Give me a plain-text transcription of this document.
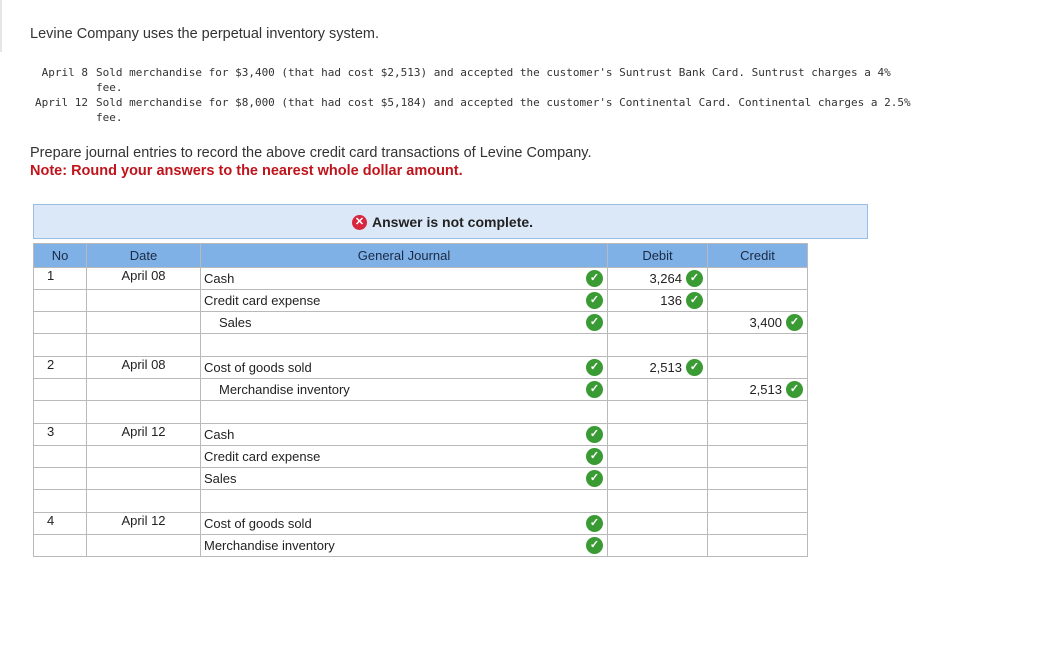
Levine Company uses the perpetual inventory system.
April 8 Sold merchandise for $3,400 (that had cost $2,513) and accepted the customer's Suntrust Bank Card. Suntrust charges a 4%
fee.
April 12 Sold merchandise for $8,000 (that had cost $5,184) and accepted the customer's Continental Card. Continental charges a 2.5%
fee.
Prepare journal entries to record the above credit card transactions of Levine Company.
Note: Round your answers to the nearest whole dollar amount.
✕ Answer is not complete.
No	Date	General Journal	Debit	Credit
1	April 08	Cash ✓	3,264 ✓	

		Credit card expense ✓	136 ✓	

		Sales ✓		3,400 ✓

2	April 08	Cost of goods sold ✓	2,513 ✓	

		Merchandise inventory ✓		2,513 ✓

3	April 12	Cash ✓		

		Credit card expense ✓		

		Sales ✓		

4	April 12	Cost of goods sold ✓		

		Merchandise inventory ✓		
